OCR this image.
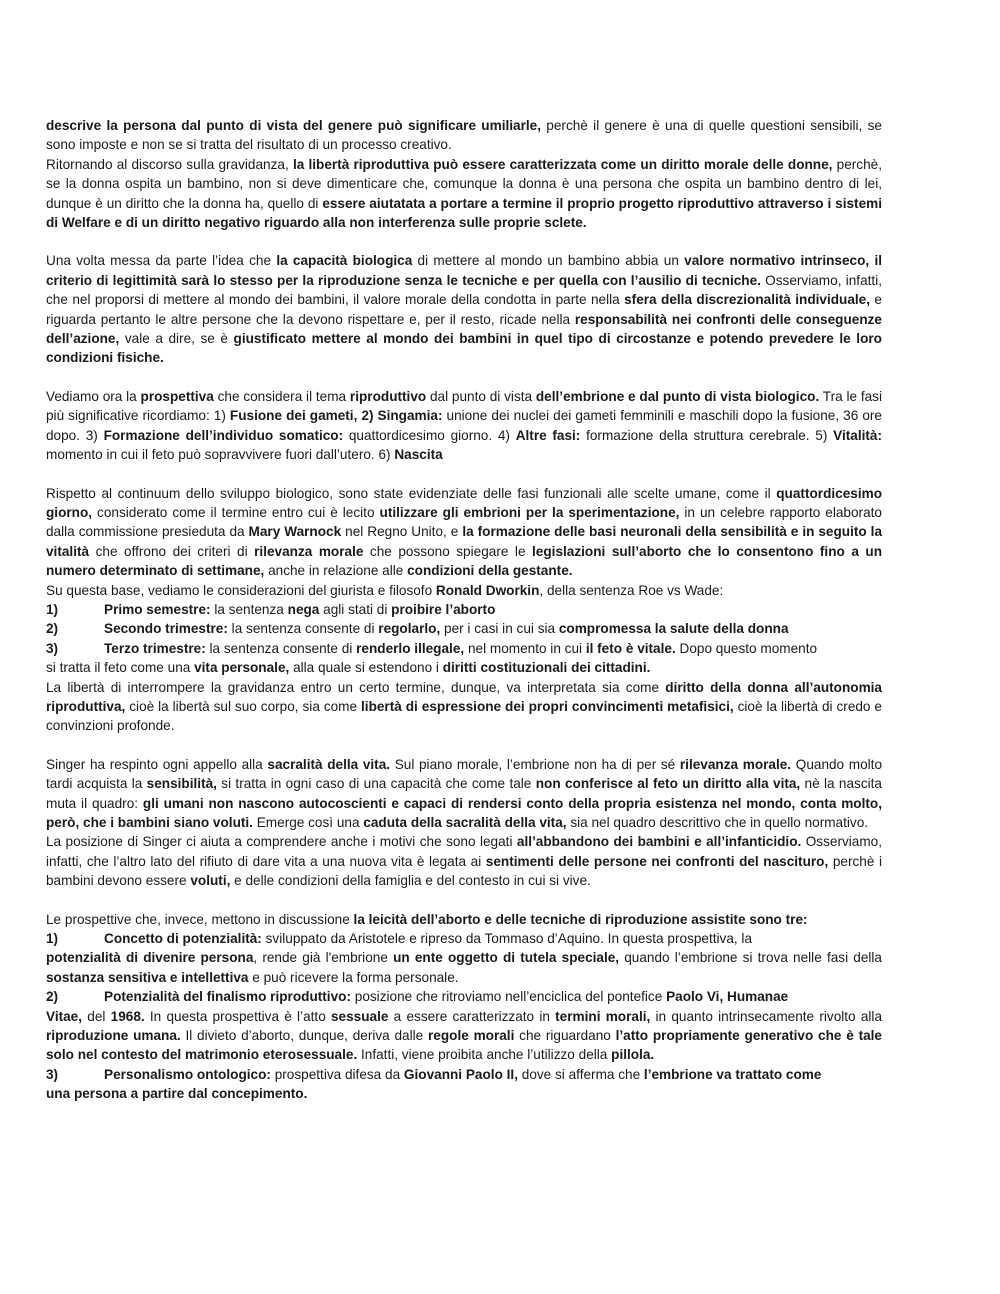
descrive la persona dal punto di vista del genere può significare umiliarle, perchè il genere è una di quelle questioni sensibili, se sono imposte e non se si tratta del risultato di un processo creativo.

Ritornando al discorso sulla gravidanza, la libertà riproduttiva può essere caratterizzata come un diritto morale delle donne, perchè, se la donna ospita un bambino, non si deve dimenticare che, comunque la donna è una persona che ospita un bambino dentro di lei, dunque è un diritto che la donna ha, quello di essere aiutatata a portare a termine il proprio progetto riproduttivo attraverso i sistemi di Welfare e di un diritto negativo riguardo alla non interferenza sulle proprie sclete.

Una volta messa da parte l’idea che la capacità biologica di mettere al mondo un bambino abbia un valore normativo intrinseco, il criterio di legittimità sarà lo stesso per la riproduzione senza le tecniche e per quella con l’ausilio di tecniche. Osserviamo, infatti, che nel proporsi di mettere al mondo dei bambini, il valore morale della condotta in parte nella sfera della discrezionalità individuale, e riguarda pertanto le altre persone che la devono rispettare e, per il resto, ricade nella responsabilità nei confronti delle conseguenze dell’azione, vale a dire, se è giustificato mettere al mondo dei bambini in quel tipo di circostanze e potendo prevedere le loro condizioni fisiche.

Vediamo ora la prospettiva che considera il tema riproduttivo dal punto di vista dell’embrione e dal punto di vista biologico. Tra le fasi più significative ricordiamo: 1) Fusione dei gameti, 2) Singamia: unione dei nuclei dei gameti femminili e maschili dopo la fusione, 36 ore dopo. 3) Formazione dell’individuo somatico: quattordicesimo giorno. 4) Altre fasi: formazione della struttura cerebrale. 5) Vitalità: momento in cui il feto può sopravvivere fuori dall’utero. 6) Nascita

Rispetto al continuum dello sviluppo biologico, sono state evidenziate delle fasi funzionali alle scelte umane, come il quattordicesimo giorno, considerato come il termine entro cui è lecito utilizzare gli embrioni per la sperimentazione, in un celebre rapporto elaborato dalla commissione presieduta da Mary Warnock nel Regno Unito, e la formazione delle basi neuronali della sensibilità e in seguito la vitalità che offrono dei criteri di rilevanza morale che possono spiegare le legislazioni sull’aborto che lo consentono fino a un numero determinato di settimane, anche in relazione alle condizioni della gestante.

Su questa base, vediamo le considerazioni del giurista e filosofo Ronald Dworkin, della sentenza Roe vs Wade:

1)	Primo semestre: la sentenza nega agli stati di proibire l’aborto
2)	Secondo trimestre: la sentenza consente di regolarlo, per i casi in cui sia compromessa la salute della donna
3)	Terzo trimestre: la sentenza consente di renderlo illegale, nel momento in cui il feto è vitale. Dopo questo momento

si tratta il feto come una vita personale, alla quale si estendono i diritti costituzionali dei cittadini.

La libertà di interrompere la gravidanza entro un certo termine, dunque, va interpretata sia come diritto della donna all’autonomia riproduttiva, cioè la libertà sul suo corpo, sia come libertà di espressione dei propri convincimenti metafisici, cioè la libertà di credo e convinzioni profonde.

Singer ha respinto ogni appello alla sacralità della vita. Sul piano morale, l’embrione non ha di per sé rilevanza morale. Quando molto tardi acquista la sensibilità, si tratta in ogni caso di una capacità che come tale non conferisce al feto un diritto alla vita, nè la nascita muta il quadro: gli umani non nascono autocoscienti e capaci di rendersi conto della propria esistenza nel mondo, conta molto, però, che i bambini siano voluti. Emerge così una caduta della sacralità della vita, sia nel quadro descrittivo che in quello normativo.

La posizione di Singer ci aiuta a comprendere anche i motivi che sono legati all’abbandono dei bambini e all’infanticidio. Osserviamo, infatti, che l’altro lato del rifiuto di dare vita a una nuova vita è legata ai sentimenti delle persone nei confronti del nascituro, perchè i bambini devono essere voluti, e delle condizioni della famiglia e del contesto in cui si vive.

Le prospettive che, invece, mettono in discussione la leicità dell’aborto e delle tecniche di riproduzione assistite sono tre:

1)	Concetto di potenzialità: sviluppato da Aristotele e ripreso da Tommaso d’Aquino. In questa prospettiva, la

potenzialità di divenire persona, rende già l'embrione un ente oggetto di tutela speciale, quando l’embrione si trova nelle fasi della sostanza sensitiva e intellettiva e può ricevere la forma personale.

2)	Potenzialità del finalismo riproduttivo: posizione che ritroviamo nell’enciclica del pontefice Paolo Vi, Humanae

Vitae, del 1968. In questa prospettiva è l’atto sessuale a essere caratterizzato in termini morali, in quanto intrinsecamente rivolto alla riproduzione umana. Il divieto d’aborto, dunque, deriva dalle regole morali che riguardano l’atto propriamente generativo che è tale solo nel contesto del matrimonio eterosessuale. Infatti, viene proibita anche l’utilizzo della pillola.

3)	Personalismo ontologico: prospettiva difesa da Giovanni Paolo II, dove si afferma che l’embrione va trattato come

una persona a partire dal concepimento.
